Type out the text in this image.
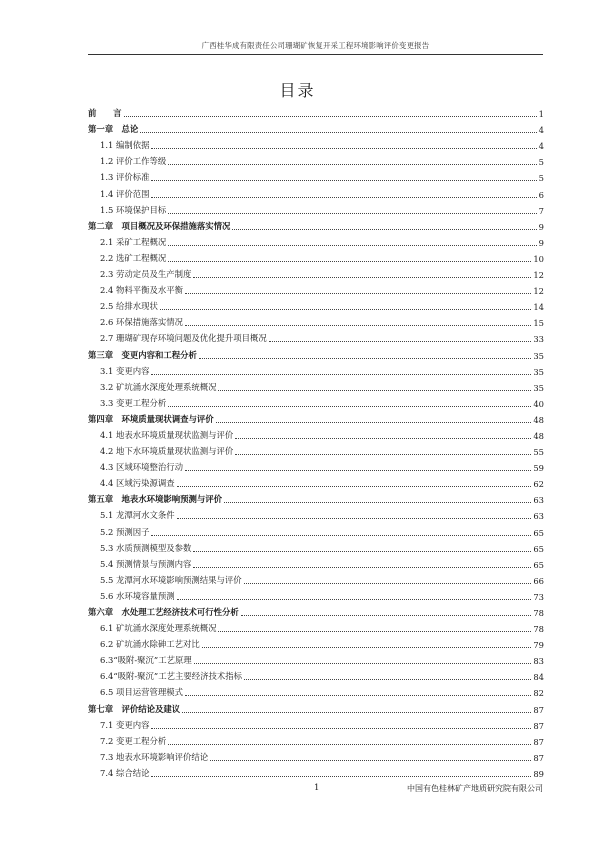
广西桂华成有限责任公司珊瑚矿恢复开采工程环境影响评价变更报告
目录
前　　言	1
第一章　总论	4
1.1 编制依据	4
1.2 评价工作等级	5
1.3 评价标准	5
1.4 评价范围	6
1.5 环境保护目标	7
第二章　项目概况及环保措施落实情况	9
2.1 采矿工程概况	9
2.2 选矿工程概况	10
2.3 劳动定员及生产制度	12
2.4 物料平衡及水平衡	12
2.5 给排水现状	14
2.6 环保措施落实情况	15
2.7 珊瑚矿现存环境问题及优化提升项目概况	33
第三章　变更内容和工程分析	35
3.1 变更内容	35
3.2 矿坑涌水深度处理系统概况	35
3.3 变更工程分析	40
第四章　环境质量现状调查与评价	48
4.1 地表水环境质量现状监测与评价	48
4.2 地下水环境质量现状监测与评价	55
4.3 区域环境整治行动	59
4.4 区域污染源调查	62
第五章　地表水环境影响预测与评价	63
5.1 龙潭河水文条件	63
5.2 预测因子	65
5.3 水质预测模型及参数	65
5.4 预测情景与预测内容	65
5.5 龙潭河水环境影响预测结果与评价	66
5.6 水环境容量预测	73
第六章　水处理工艺经济技术可行性分析	78
6.1 矿坑涌水深度处理系统概况	78
6.2 矿坑涌水除砷工艺对比	79
6.3“吸附-聚沉”工艺原理	83
6.4“吸附-聚沉”工艺主要经济技术指标	84
6.5 项目运营管理模式	82
第七章　评价结论及建议	87
7.1 变更内容	87
7.2 变更工程分析	87
7.3 地表水环境影响评价结论	87
7.4 综合结论	89
1	中国有色桂林矿产地质研究院有限公司
